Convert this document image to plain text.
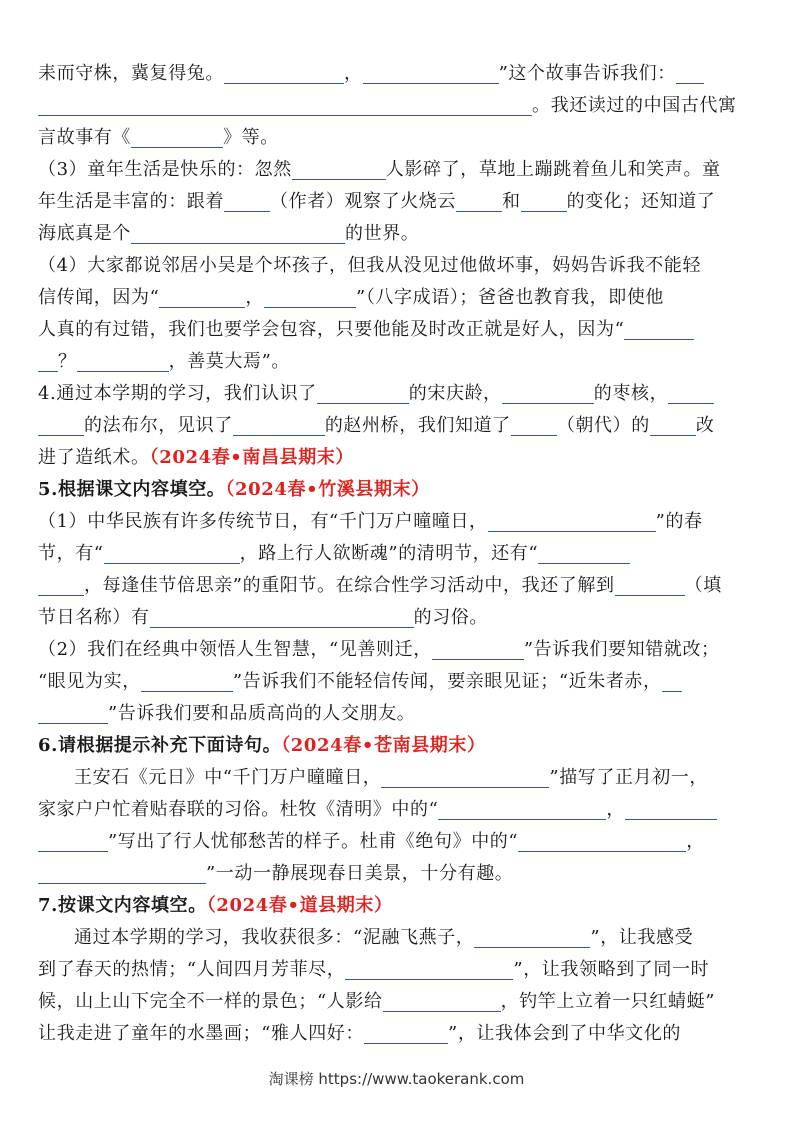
耒而守株，冀复得兔。	，	”这个故事告诉我们：
。我还读过的中国古代寓
言故事有《	》等。
（3）童年生活是快乐的：忽然	人影碎了，草地上蹦跳着鱼儿和笑声。童
年生活是丰富的：跟着	（作者）观察了火烧云	和	的变化；还知道了
海底真是个	的世界。
（4）大家都说邻居小吴是个坏孩子，但我从没见过他做坏事，妈妈告诉我不能轻
信传闻，因为“	，	”（八字成语）；爸爸也教育我，即使他
人真的有过错，我们也要学会包容，只要他能及时改正就是好人，因为“
？	，善莫大焉”。
4.通过本学期的学习，我们认识了	的宋庆龄，	的枣核，
的法布尔，见识了	的赵州桥，我们知道了	（朝代）的	改
进了造纸术。（2024春•南昌县期末）
5.根据课文内容填空。（2024春•竹溪县期末）
（1）中华民族有许多传统节日，有“千门万户曈曈日，	”的春
节，有“	，路上行人欲断魂”的清明节，还有“
，每逢佳节倍思亲”的重阳节。在综合性学习活动中，我还了解到	（填
节日名称）有	的习俗。
（2）我们在经典中领悟人生智慧，“见善则迁，	”告诉我们要知错就改；
“眼见为实，	”告诉我们不能轻信传闻，要亲眼见证；“近朱者赤，
”告诉我们要和品质高尚的人交朋友。
6.请根据提示补充下面诗句。（2024春•苍南县期末）
王安石《元日》中“千门万户曈曈日，	”描写了正月初一，
家家户户忙着贴春联的习俗。杜牧《清明》中的“	，
”写出了行人忧郁愁苦的样子。杜甫《绝句》中的“	，
”一动一静展现春日美景，十分有趣。
7.按课文内容填空。（2024春•道县期末）
通过本学期的学习，我收获很多：“泥融飞燕子，	”，让我感受
到了春天的热情；“人间四月芳菲尽，	”，让我领略到了同一时
候，山上山下完全不一样的景色；“人影给	，钓竿上立着一只红蜻蜓”
让我走进了童年的水墨画；“雅人四好：	”，让我体会到了中华文化的
淘课榜 https://www.taokerank.com
